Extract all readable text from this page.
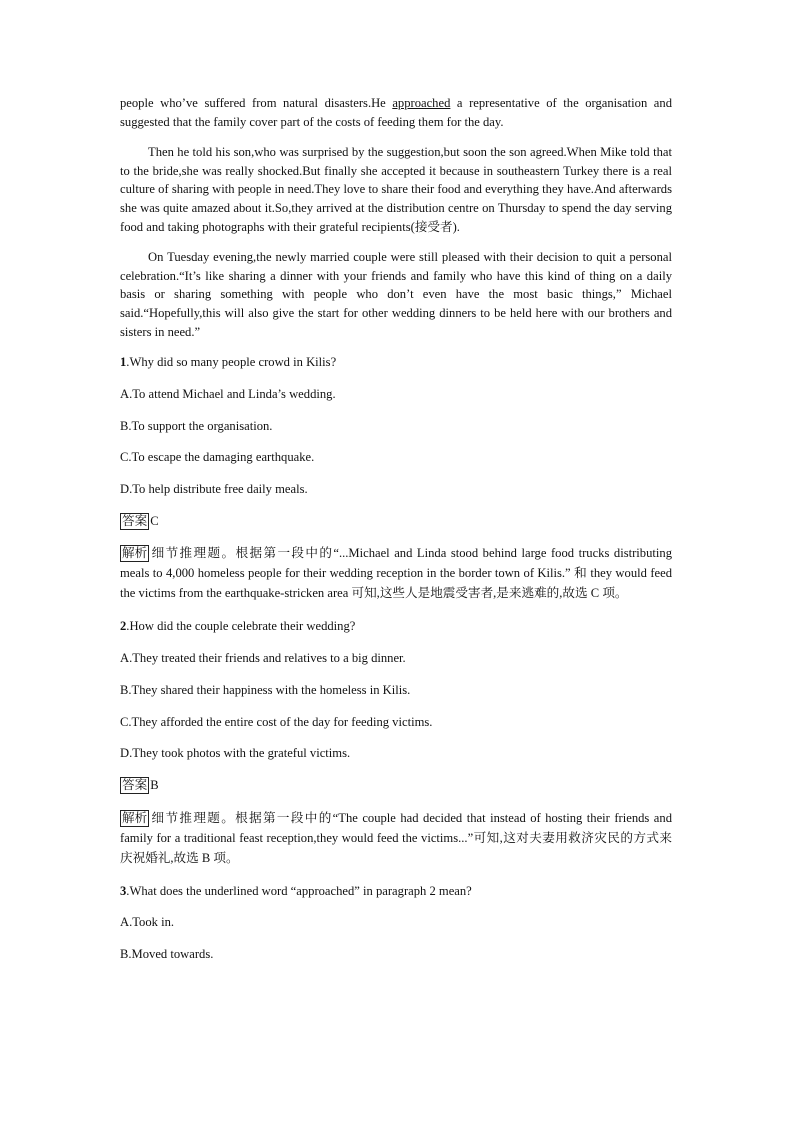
people who’ve suffered from natural disasters.He approached a representative of the organisation and suggested that the family cover part of the costs of feeding them for the day.

Then he told his son,who was surprised by the suggestion,but soon the son agreed.When Mike told that to the bride,she was really shocked.But finally she accepted it because in southeastern Turkey there is a real culture of sharing with people in need.They love to share their food and everything they have.And afterwards she was quite amazed about it.So,they arrived at the distribution centre on Thursday to spend the day serving food and taking photographs with their grateful recipients(接受者).

On Tuesday evening,the newly married couple were still pleased with their decision to quit a personal celebration.“It’s like sharing a dinner with your friends and family who have this kind of thing on a daily basis or sharing something with people who don’t even have the most basic things,” Michael said.“Hopefully,this will also give the start for other wedding dinners to be held here with our brothers and sisters in need.”

1.Why did so many people crowd in Kilis?

A.To attend Michael and Linda’s wedding.

B.To support the organisation.

C.To escape the damaging earthquake.

D.To help distribute free daily meals.

答案 C

解析 细节推理题。根据第一段中的“...Michael and Linda stood behind large food trucks distributing meals to 4,000 homeless people for their wedding reception in the border town of Kilis.” 和 they would feed the victims from the earthquake-stricken area 可知,这些人是地震受害者,是来逃难的,故选 C 项。

2.How did the couple celebrate their wedding?

A.They treated their friends and relatives to a big dinner.

B.They shared their happiness with the homeless in Kilis.

C.They afforded the entire cost of the day for feeding victims.

D.They took photos with the grateful victims.

答案 B

解析 细节推理题。根据第一段中的“The couple had decided that instead of hosting their friends and family for a traditional feast reception,they would feed the victims...”可知,这对夫妻用救济灾民的方式来庆祝婚礼,故选 B 项。

3.What does the underlined word “approached” in paragraph 2 mean?

A.Took in.

B.Moved towards.
